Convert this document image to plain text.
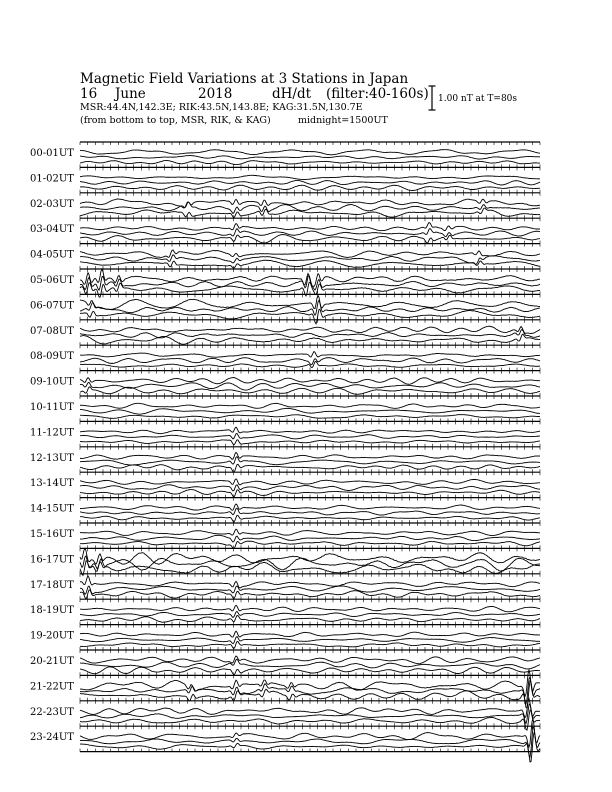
Magnetic Field Variations at 3 Stations in Japan
16 June	2018	dH/dt (filter:40-160s)
MSR:44.4N,142.3E; RIK:43.5N,143.8E; KAG:31.5N,130.7E
(from bottom to top, MSR, RIK, & KAG)	midnight=1500UT
1.00 nT at T=80s
00-01UT
01-02UT
02-03UT
03-04UT
04-05UT
05-06UT
06-07UT
07-08UT
08-09UT
09-10UT
10-11UT
11-12UT
12-13UT
13-14UT
14-15UT
15-16UT
16-17UT
17-18UT
18-19UT
19-20UT
20-21UT
21-22UT
22-23UT
23-24UT
